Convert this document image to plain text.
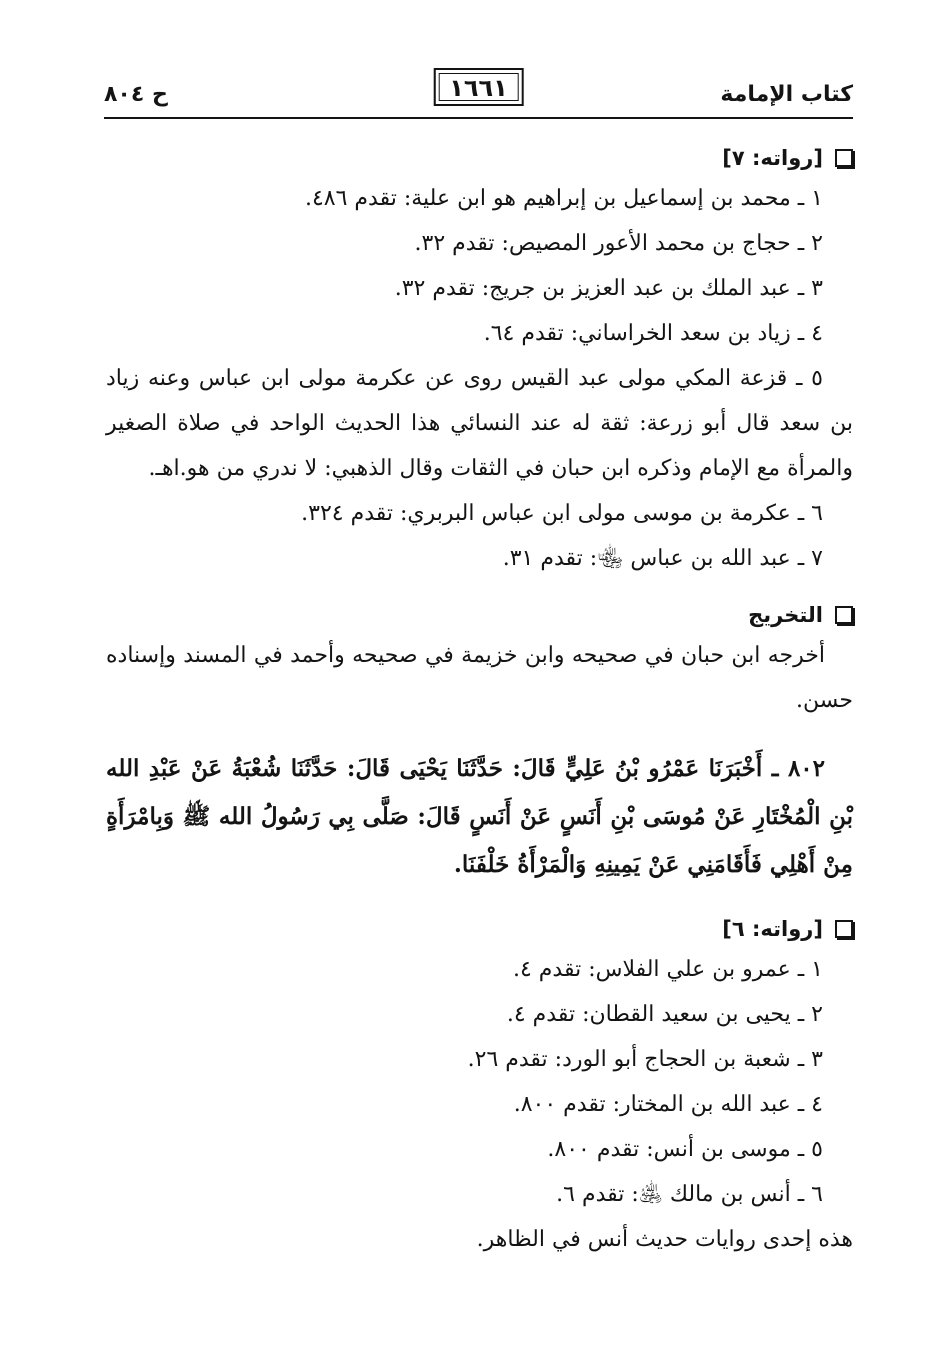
كتاب الإمامة
١٦٦١
ح ٨٠٤
[رواته: ٧]
١ ـ محمد بن إسماعيل بن إبراهيم هو ابن علية: تقدم ٤٨٦.
٢ ـ حجاج بن محمد الأعور المصيص: تقدم ٣٢.
٣ ـ عبد الملك بن عبد العزيز بن جريج: تقدم ٣٢.
٤ ـ زياد بن سعد الخراساني: تقدم ٦٤.
٥ ـ قزعة المكي مولى عبد القيس روى عن عكرمة مولى ابن عباس وعنه زياد بن سعد قال أبو زرعة: ثقة له عند النسائي هذا الحديث الواحد في صلاة الصغير والمرأة مع الإمام وذكره ابن حبان في الثقات وقال الذهبي: لا ندري من هو.اهـ.
٦ ـ عكرمة بن موسى مولى ابن عباس البربري: تقدم ٣٢٤.
٧ ـ عبد الله بن عباس ﵄: تقدم ٣١.
التخريج
أخرجه ابن حبان في صحيحه وابن خزيمة في صحيحه وأحمد في المسند وإسناده حسن.
٨٠٢ ـ أَخْبَرَنَا عَمْرُو بْنُ عَلِيٍّ قَالَ: حَدَّثَنَا يَحْيَى قَالَ: حَدَّثَنَا شُعْبَةُ عَنْ عَبْدِ الله بْنِ الْمُخْتَارِ عَنْ مُوسَى بْنِ أَنَسٍ عَنْ أَنَسٍ قَالَ: صَلَّى بِي رَسُولُ الله ﷺ وَبِامْرَأَةٍ مِنْ أَهْلِي فَأَقَامَنِي عَنْ يَمِينِهِ وَالْمَرْأَةُ خَلْفَنَا.
[رواته: ٦]
١ ـ عمرو بن علي الفلاس: تقدم ٤.
٢ ـ يحيى بن سعيد القطان: تقدم ٤.
٣ ـ شعبة بن الحجاج أبو الورد: تقدم ٢٦.
٤ ـ عبد الله بن المختار: تقدم ٨٠٠.
٥ ـ موسى بن أنس: تقدم ٨٠٠.
٦ ـ أنس بن مالك ﵁: تقدم ٦.
هذه إحدى روايات حديث أنس في الظاهر.
